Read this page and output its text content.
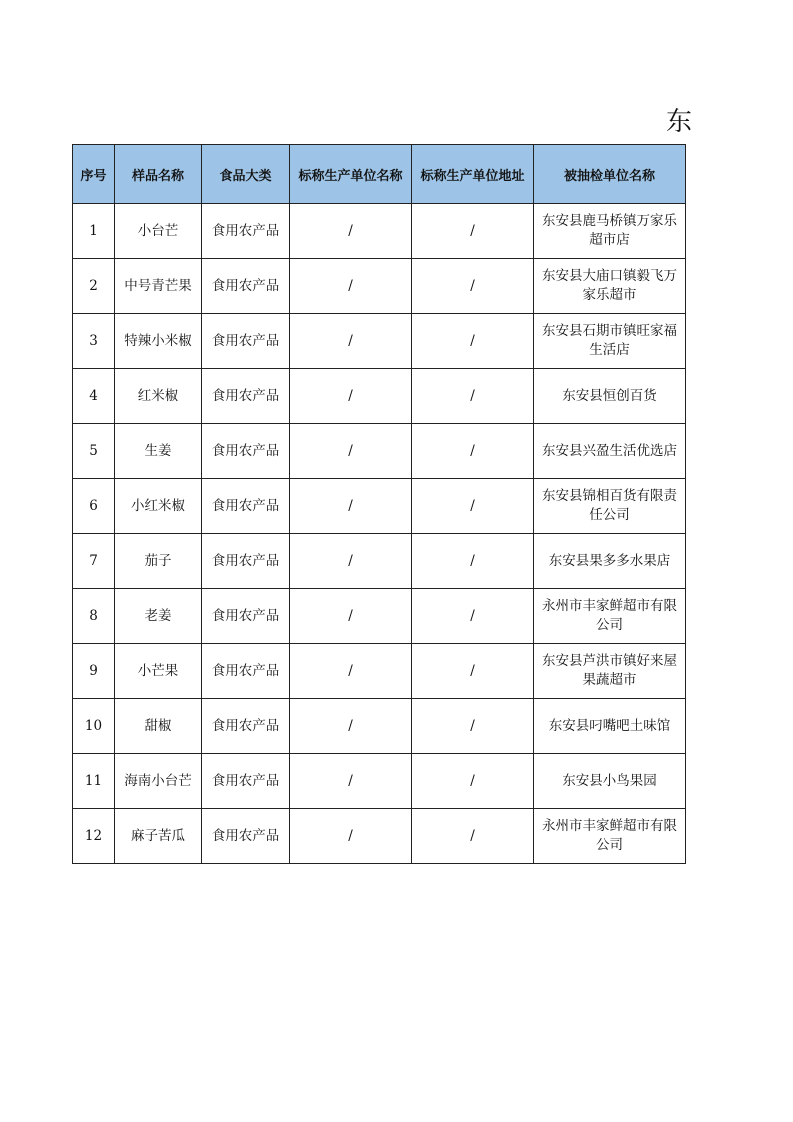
东
序号	样品名称	食品大类	标称生产单位名称	标称生产单位地址	被抽检单位名称
1	小台芒	食用农产品	/	/	东安县鹿马桥镇万家乐超市店
2	中号青芒果	食用农产品	/	/	东安县大庙口镇毅飞万家乐超市
3	特辣小米椒	食用农产品	/	/	东安县石期市镇旺家福生活店
4	红米椒	食用农产品	/	/	东安县恒创百货
5	生姜	食用农产品	/	/	东安县兴盈生活优选店
6	小红米椒	食用农产品	/	/	东安县锦相百货有限责任公司
7	茄子	食用农产品	/	/	东安县果多多水果店
8	老姜	食用农产品	/	/	永州市丰家鲜超市有限公司
9	小芒果	食用农产品	/	/	东安县芦洪市镇好来屋果蔬超市
10	甜椒	食用农产品	/	/	东安县叼嘴吧土味馆
11	海南小台芒	食用农产品	/	/	东安县小鸟果园
12	麻子苦瓜	食用农产品	/	/	永州市丰家鲜超市有限公司
